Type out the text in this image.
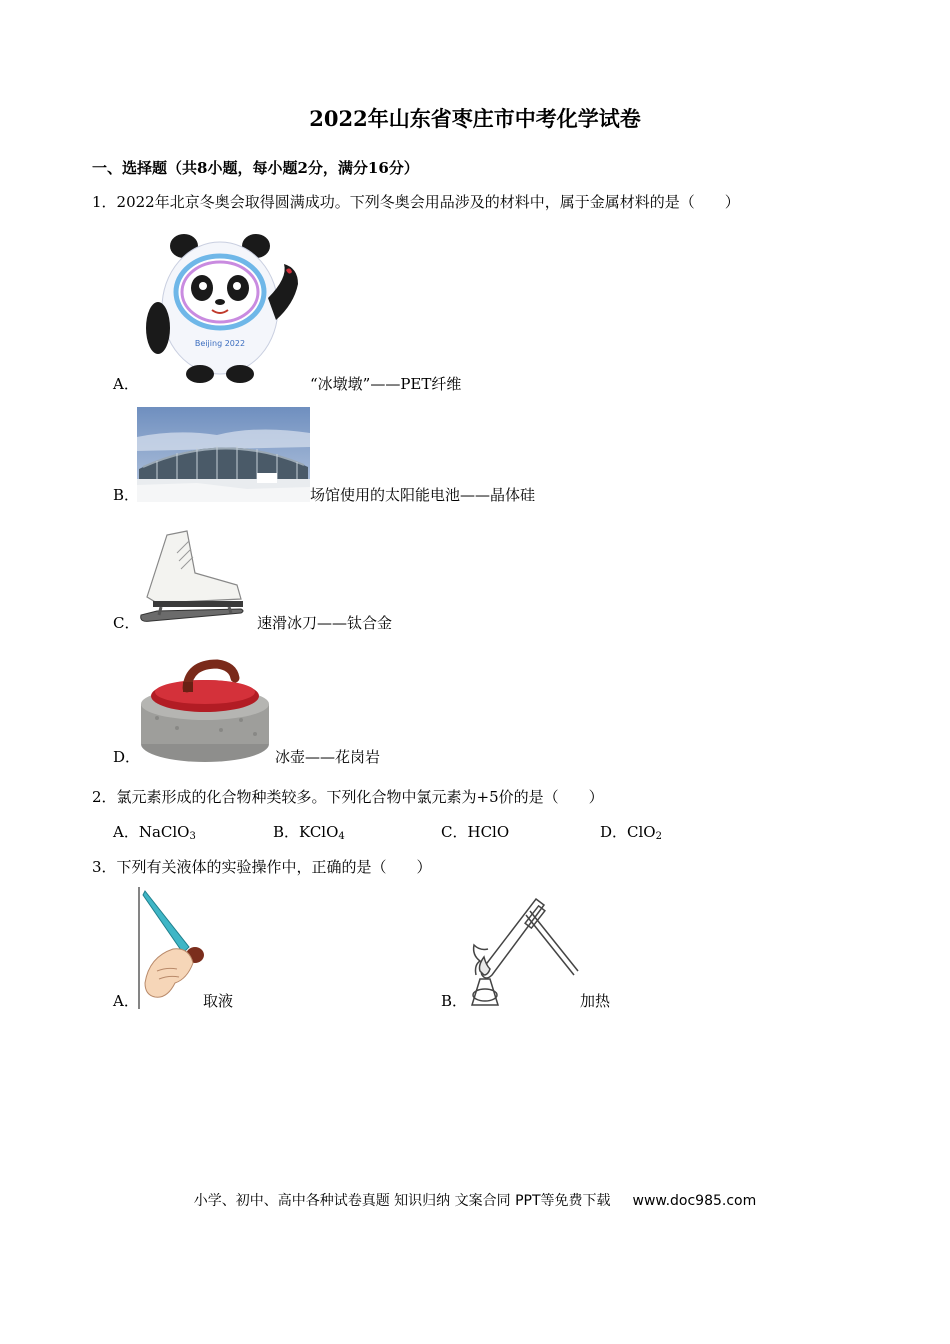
2022年山东省枣庄市中考化学试卷
一、选择题（共8小题，每小题2分，满分16分）
1．2022年北京冬奥会取得圆满成功。下列冬奥会用品涉及的材料中，属于金属材料的是（　　）
Beijing 2022
A．	“冰墩墩”——PET纤维
B．	场馆使用的太阳能电池——晶体硅
C．	速滑冰刀——钛合金
D．	冰壶——花岗岩
2．氯元素形成的化合物种类较多。下列化合物中氯元素为+5价的是（　　）
A．NaClO$_3$	B．KClO$_4$	C．HClO	D．ClO$_2$
3．下列有关液体的实验操作中，正确的是（　　）
A．	取液	B．	加热
小学、初中、高中各种试卷真题 知识归纳 文案合同 PPT等免费下载 www.doc985.com
